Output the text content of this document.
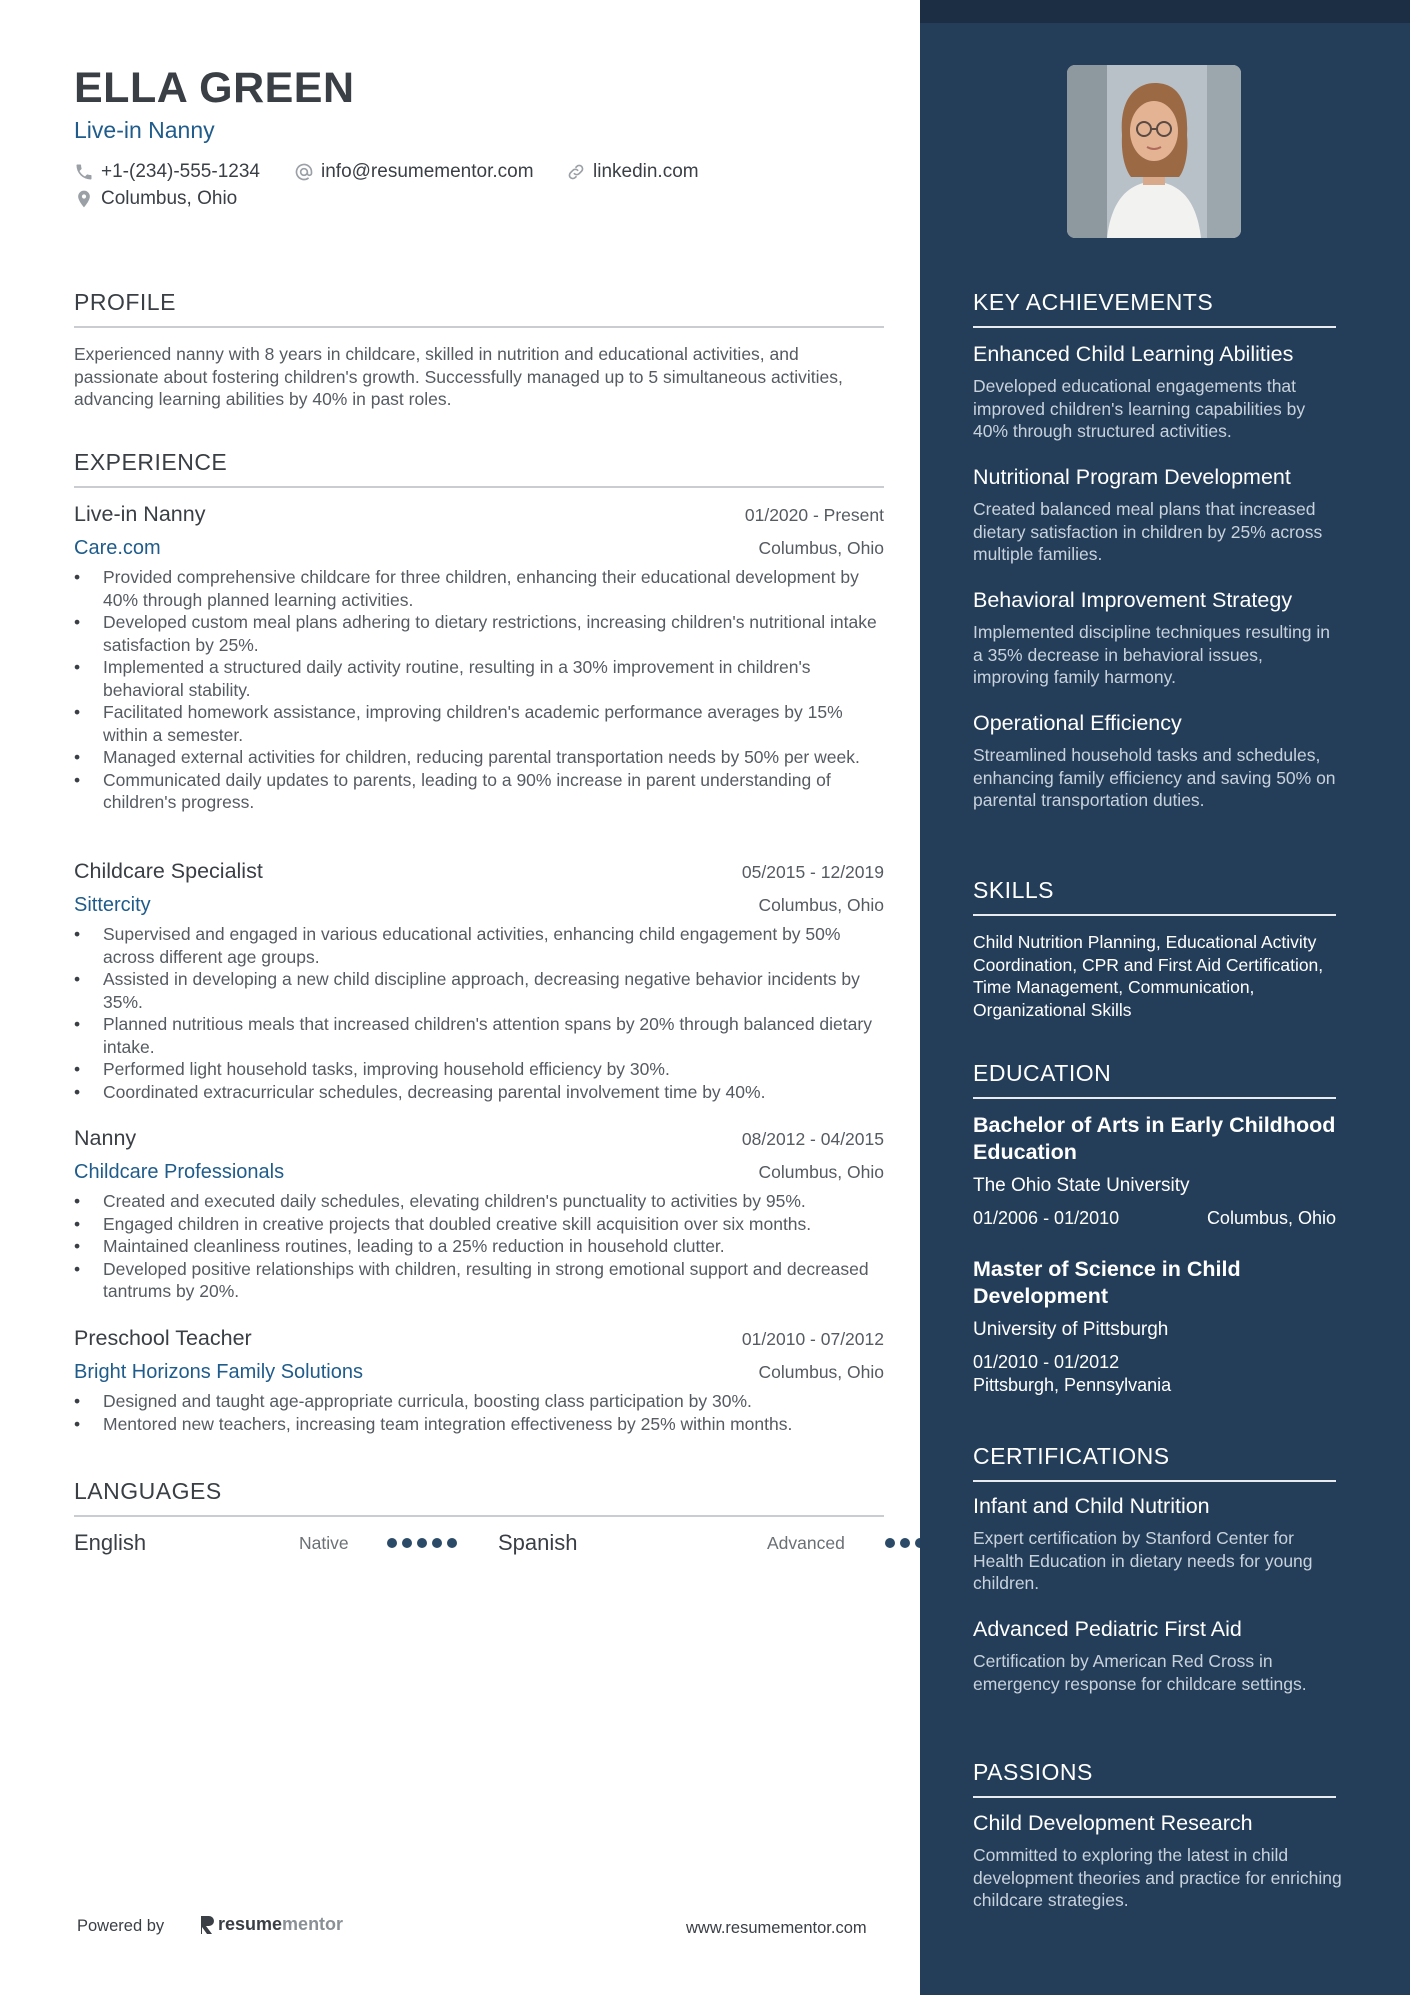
ELLA GREEN
Live-in Nanny
+1-(234)-555-1234	info@resumementor.com	linkedin.com
Columbus, Ohio
PROFILE
Experienced nanny with 8 years in childcare, skilled in nutrition and educational activities, and passionate about fostering children's growth. Successfully managed up to 5 simultaneous activities, advancing learning abilities by 40% in past roles.
EXPERIENCE
Live-in Nanny	01/2020 - Present
Care.com	Columbus, Ohio
• Provided comprehensive childcare for three children, enhancing their educational development by 40% through planned learning activities.
• Developed custom meal plans adhering to dietary restrictions, increasing children's nutritional intake satisfaction by 25%.
• Implemented a structured daily activity routine, resulting in a 30% improvement in children's behavioral stability.
• Facilitated homework assistance, improving children's academic performance averages by 15% within a semester.
• Managed external activities for children, reducing parental transportation needs by 50% per week.
• Communicated daily updates to parents, leading to a 90% increase in parent understanding of children's progress.
Childcare Specialist	05/2015 - 12/2019
Sittercity	Columbus, Ohio
• Supervised and engaged in various educational activities, enhancing child engagement by 50% across different age groups.
• Assisted in developing a new child discipline approach, decreasing negative behavior incidents by 35%.
• Planned nutritious meals that increased children's attention spans by 20% through balanced dietary intake.
• Performed light household tasks, improving household efficiency by 30%.
• Coordinated extracurricular schedules, decreasing parental involvement time by 40%.
Nanny	08/2012 - 04/2015
Childcare Professionals	Columbus, Ohio
• Created and executed daily schedules, elevating children's punctuality to activities by 95%.
• Engaged children in creative projects that doubled creative skill acquisition over six months.
• Maintained cleanliness routines, leading to a 25% reduction in household clutter.
• Developed positive relationships with children, resulting in strong emotional support and decreased tantrums by 20%.
Preschool Teacher	01/2010 - 07/2012
Bright Horizons Family Solutions	Columbus, Ohio
• Designed and taught age-appropriate curricula, boosting class participation by 30%.
• Mentored new teachers, increasing team integration effectiveness by 25% within months.
LANGUAGES
English	Native	Spanish	Advanced
Powered by	resume mentor	www.resumementor.com
KEY ACHIEVEMENTS
Enhanced Child Learning Abilities
Developed educational engagements that improved children's learning capabilities by 40% through structured activities.
Nutritional Program Development
Created balanced meal plans that increased dietary satisfaction in children by 25% across multiple families.
Behavioral Improvement Strategy
Implemented discipline techniques resulting in a 35% decrease in behavioral issues, improving family harmony.
Operational Efficiency
Streamlined household tasks and schedules, enhancing family efficiency and saving 50% on parental transportation duties.
SKILLS
Child Nutrition Planning, Educational Activity Coordination, CPR and First Aid Certification, Time Management, Communication, Organizational Skills
EDUCATION
Bachelor of Arts in Early Childhood Education
The Ohio State University
01/2006 - 01/2010	Columbus, Ohio
Master of Science in Child Development
University of Pittsburgh
01/2010 - 01/2012
Pittsburgh, Pennsylvania
CERTIFICATIONS
Infant and Child Nutrition
Expert certification by Stanford Center for Health Education in dietary needs for young children.
Advanced Pediatric First Aid
Certification by American Red Cross in emergency response for childcare settings.
PASSIONS
Child Development Research
Committed to exploring the latest in child development theories and practice for enriching childcare strategies.
